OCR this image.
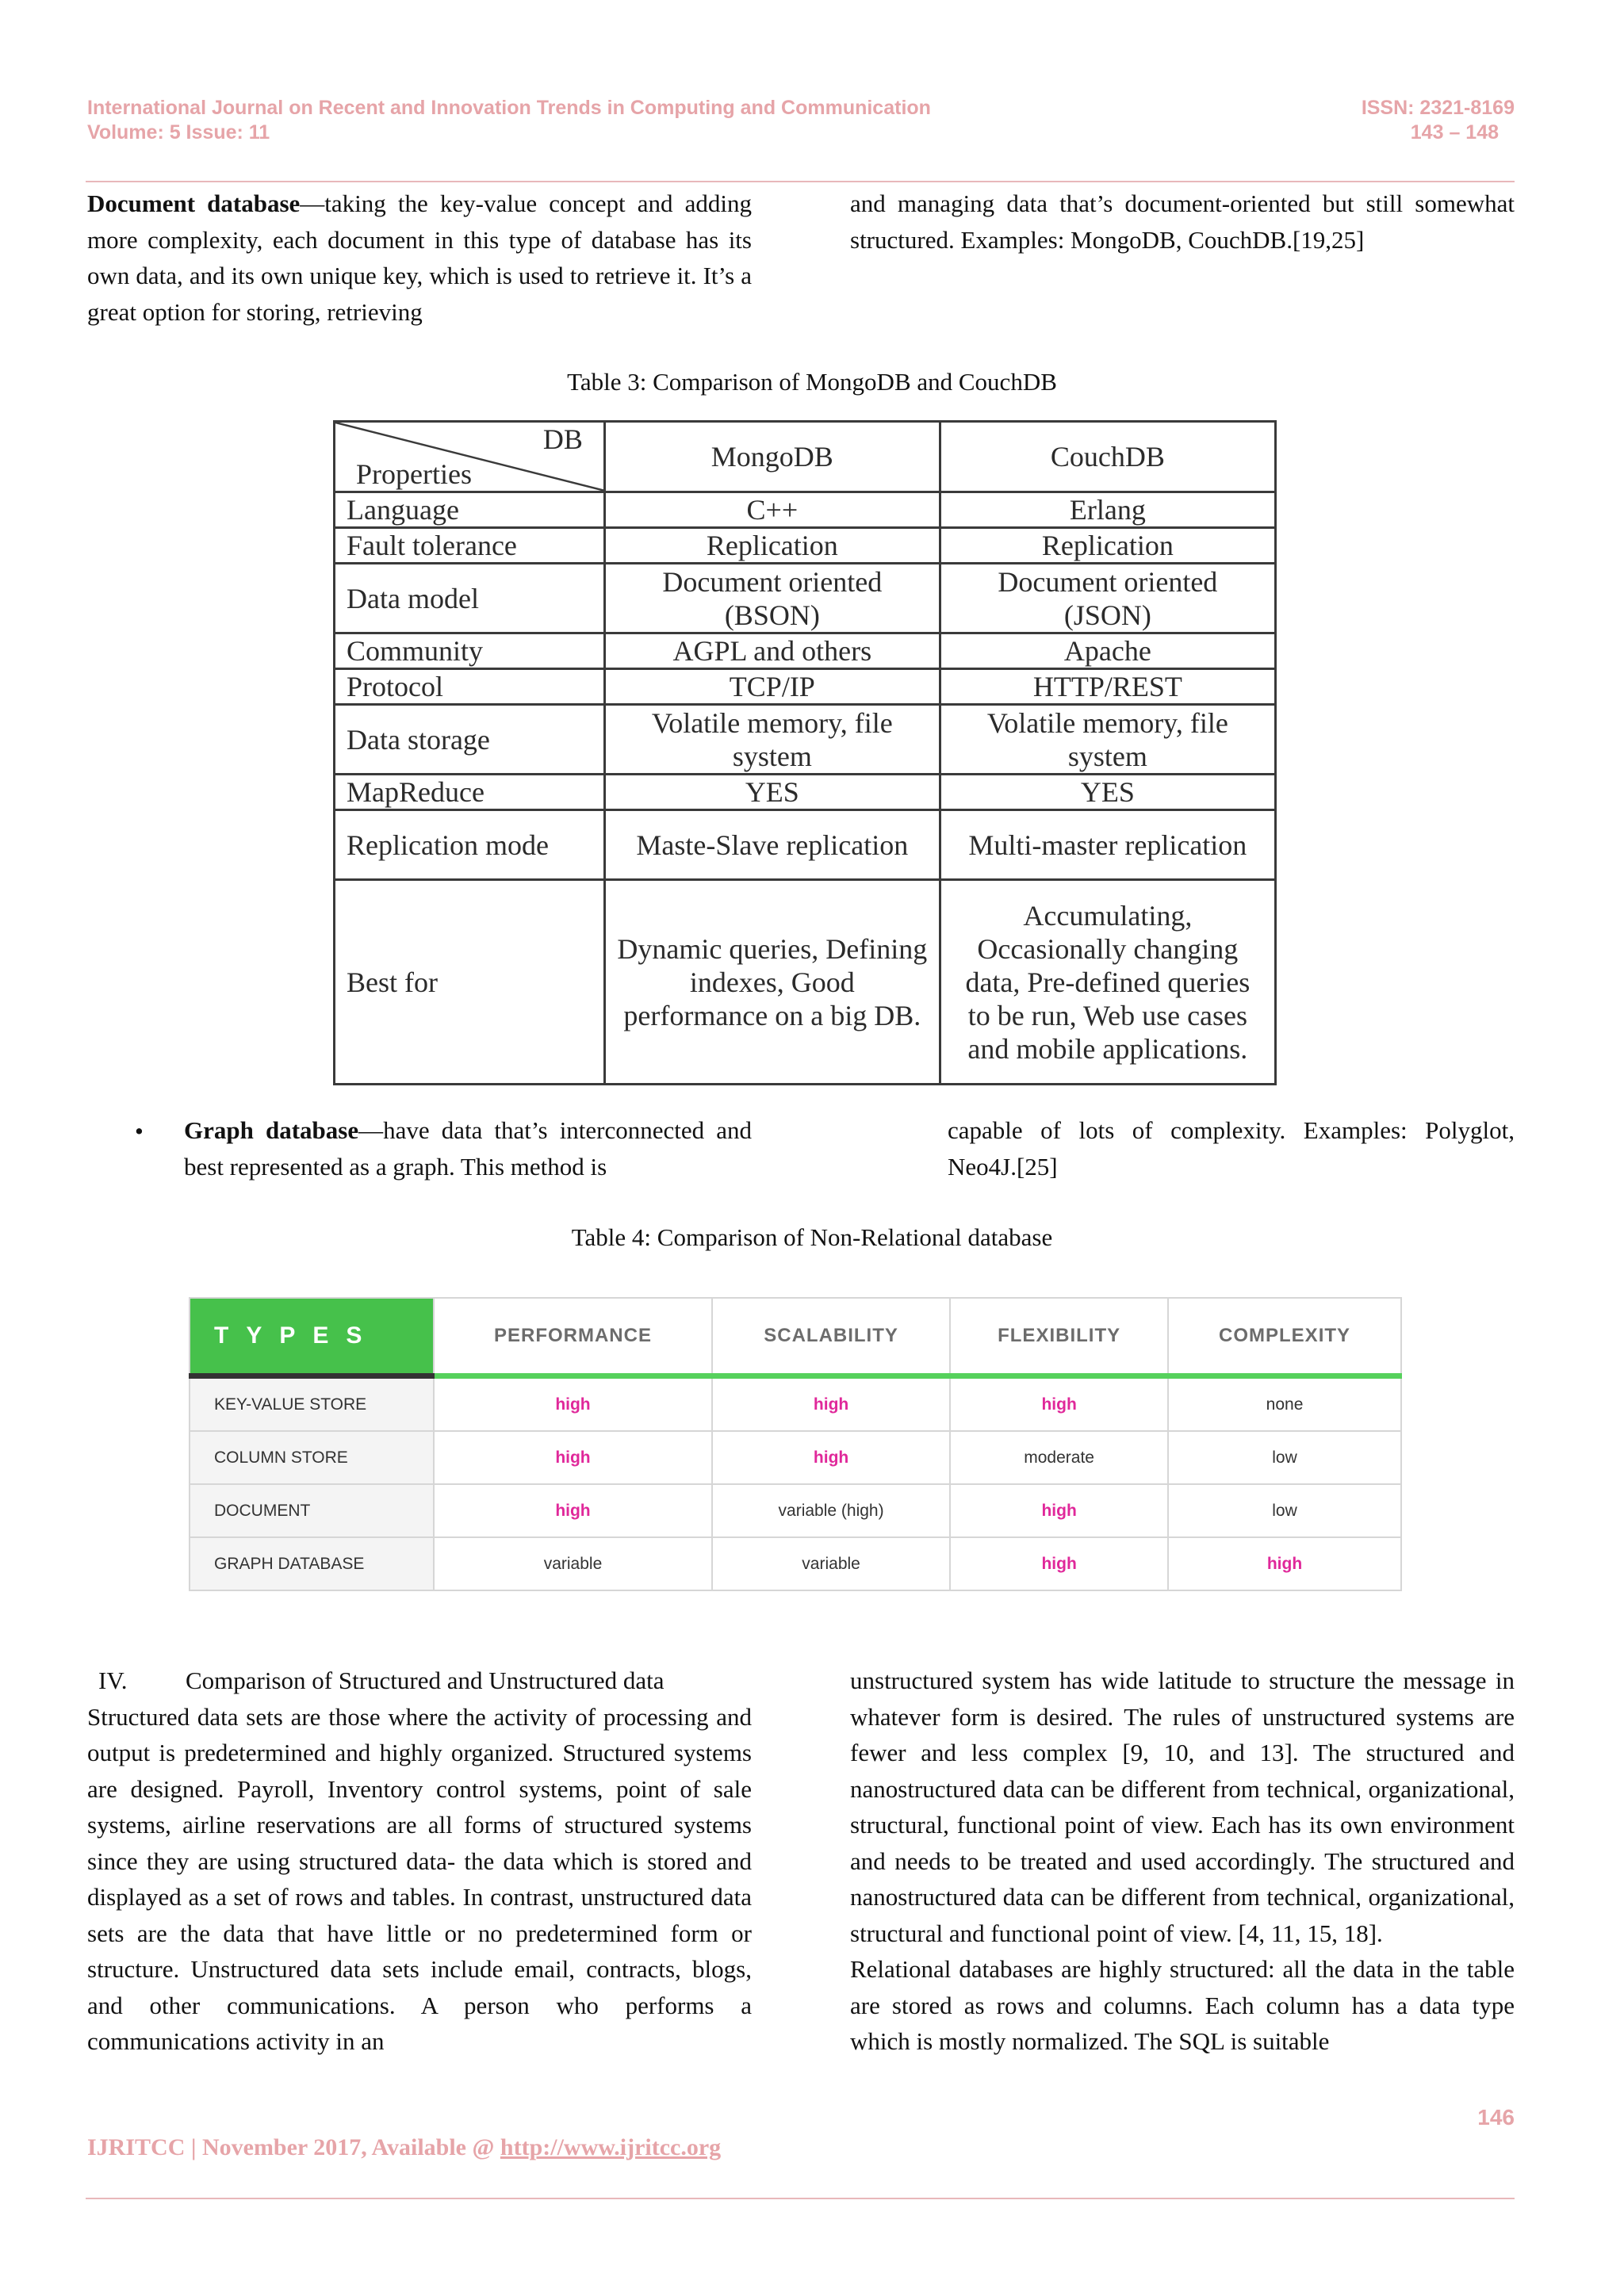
International Journal on Recent and Innovation Trends in Computing and Communication	ISSN: 2321-8169
Volume: 5 Issue: 11	143 – 148

Document database—taking the key-value concept and adding more complexity, each document in this type of database has its own data, and its own unique key, which is used to retrieve it. It’s a great option for storing, retrieving

and managing data that’s document-oriented but still somewhat structured. Examples: MongoDB, CouchDB.[19,25]

Table 3: Comparison of MongoDB and CouchDB
DB
Properties	MongoDB	CouchDB
Language	C++	Erlang
Fault tolerance	Replication	Replication
Data model	Document oriented (BSON)	Document oriented (JSON)
Community	AGPL and others	Apache
Protocol	TCP/IP	HTTP/REST
Data storage	Volatile memory, file system	Volatile memory, file system
MapReduce	YES	YES
Replication mode	Maste-Slave replication	Multi-master replication
Best for	Dynamic queries, Defining indexes, Good performance on a big DB.	Accumulating, Occasionally changing data, Pre-defined queries to be run, Web use cases and mobile applications.
• Graph database—have data that’s interconnected and best represented as a graph. This method is

capable of lots of complexity. Examples: Polyglot, Neo4J.[25]

Table 4: Comparison of Non-Relational database
TYPES	PERFORMANCE	SCALABILITY	FLEXIBILITY	COMPLEXITY
KEY-VALUE STORE	high	high	high	none
COLUMN STORE	high	high	moderate	low
DOCUMENT	high	variable (high)	high	low
GRAPH DATABASE	variable	variable	high	high

IV. Comparison of Structured and Unstructured data

Structured data sets are those where the activity of processing and output is predetermined and highly organized. Structured systems are designed. Payroll, Inventory control systems, point of sale systems, airline reservations are all forms of structured systems since they are using structured data- the data which is stored and displayed as a set of rows and tables. In contrast, unstructured data sets are the data that have little or no predetermined form or structure. Unstructured data sets include email, contracts, blogs, and other communications. A person who performs a communications activity in an

unstructured system has wide latitude to structure the message in whatever form is desired. The rules of unstructured systems are fewer and less complex [9, 10, and 13]. The structured and nanostructured data can be different from technical, organizational, structural, functional point of view. Each has its own environment and needs to be treated and used accordingly. The structured and nanostructured data can be different from technical, organizational, structural and functional point of view. [4, 11, 15, 18].

Relational databases are highly structured: all the data in the table are stored as rows and columns. Each column has a data type which is mostly normalized. The SQL is suitable

146
IJRITCC | November 2017, Available @ http://www.ijritcc.org
